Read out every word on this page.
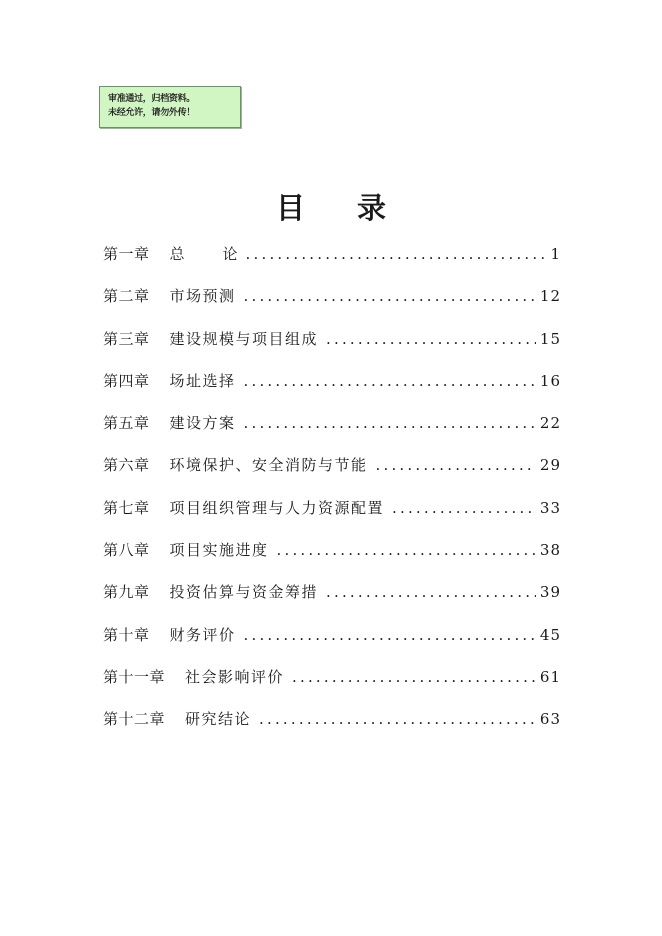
审准通过，归档资料。
未经允许，请勿外传！
目 录
第一章 总	论 .....	1
第二章 市场预测 .....	12
第三章 建设规模与项目组成 .....	15
第四章 场址选择 .....	16
第五章 建设方案 .....	22
第六章 环境保护、安全消防与节能 .....	29
第七章 项目组织管理与人力资源配置 .....	33
第八章 项目实施进度 .....	38
第九章 投资估算与资金筹措 .....	39
第十章 财务评价 .....	45
第十一章 社会影响评价 .....	61
第十二章 研究结论 .....	63
